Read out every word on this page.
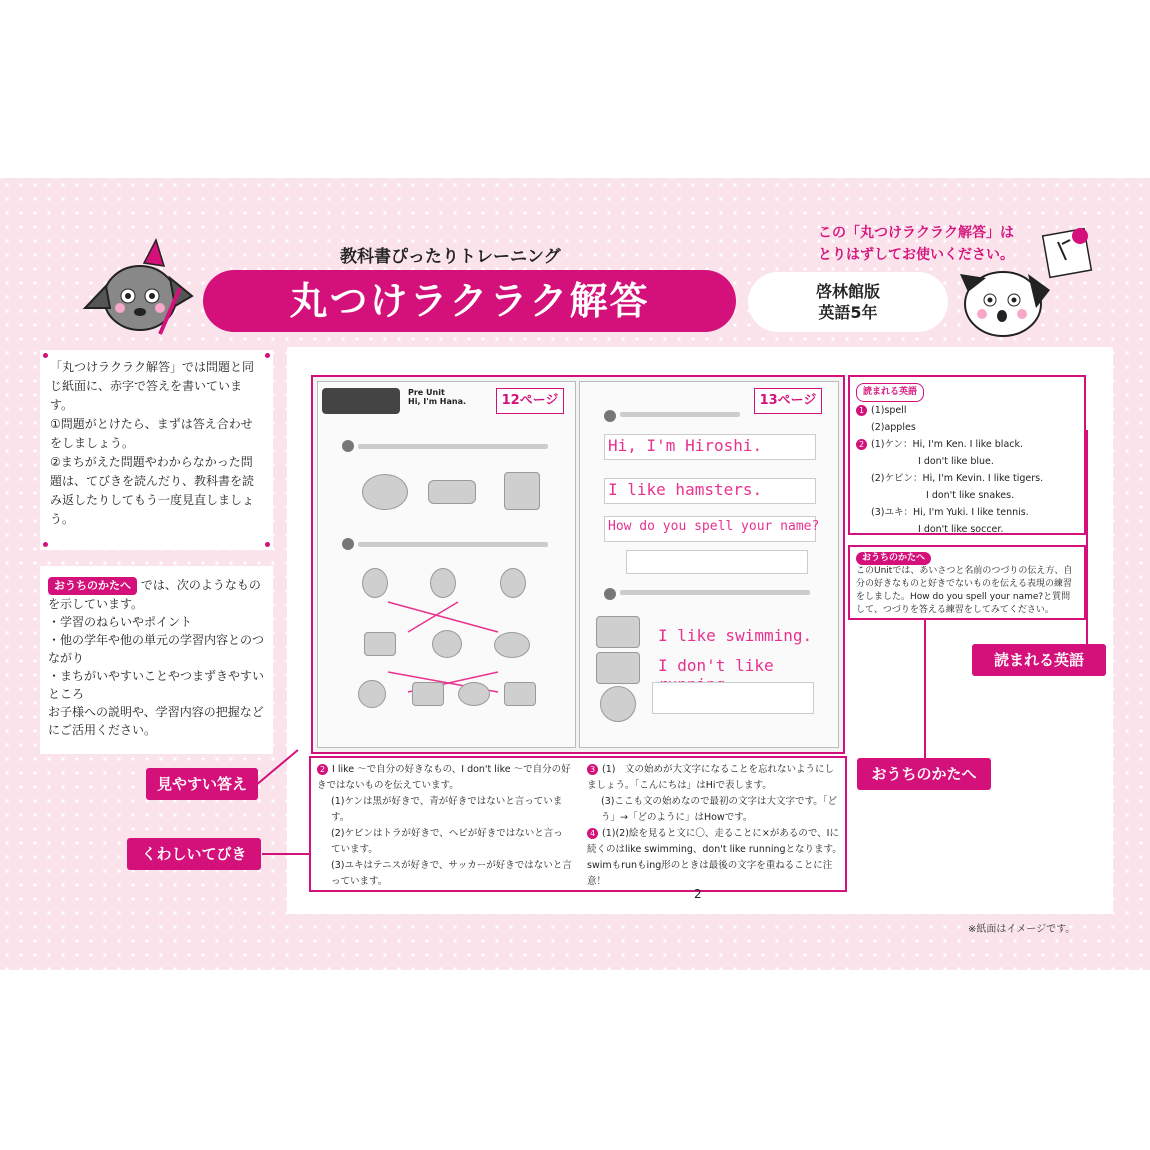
教科書ぴったりトレーニング
丸つけラクラク解答	啓林館版
英語5年
この「丸つけラクラク解答」は
とりはずしてお使いください。
「丸つけラクラク解答」では問題と同じ紙面に、赤字で答えを書いています。
①問題がとけたら、まずは答え合わせをしましょう。
②まちがえた問題やわからなかった問題は、てびきを読んだり、教科書を読み返したりしてもう一度見直しましょう。
おうちのかたへ では、次のようなものを示しています。
・学習のねらいやポイント
・他の学年や他の単元の学習内容とのつながり
・まちがいやすいことやつまずきやすいところ
お子様への説明や、学習内容の把握などにご活用ください。
Pre Unit
Hi, I'm Hana.	12ページ	13ページ
Hi, I'm Hiroshi.
I like hamsters.
How do you spell your name?
I like swimming.
I don't like
読まれる英語
1 (1)spell
(2)apples
2 (1)ケン：Hi, I'm Ken. I like black.
I don't like blue.
(2)ケビン：Hi, I'm Kevin. I like tigers.
I don't like snakes.
(3)ユキ：Hi, I'm Yuki. I like tennis.
I don't like soccer.
おうちのかたへ
このUnitでは、あいさつと名前のつづりの伝え方、自分の好きなものと好きでないものを伝える表現の練習をしました。How do you spell your name?と質問して、つづりを答える練習をしてみてください。
2 I like ～で自分の好きなもの、I don't like ～で自分の好きではないものを伝えています。
(1)ケンは黒が好きで、青が好きではないと言っています。
(2)ケビンはトラが好きで、ヘビが好きではないと言っています。
(3)ユキはテニスが好きで、サッカーが好きではないと言っています。
3 (1)　文の始めが大文字になることを忘れないようにしましょう。「こんにちは」はHiで表します。
(3)ここも文の始めなので最初の文字は大文字です。「どう」→「どのように」はHowです。
4 (1)(2)絵を見ると文に〇、走ることに×があるので、Iに続くのはlike swimming、don't like runningとなります。swimもrunもing形のときは最後の文字を重ねることに注意！
2
見やすい答え
くわしいてびき
読まれる英語
おうちのかたへ
※紙面はイメージです。
